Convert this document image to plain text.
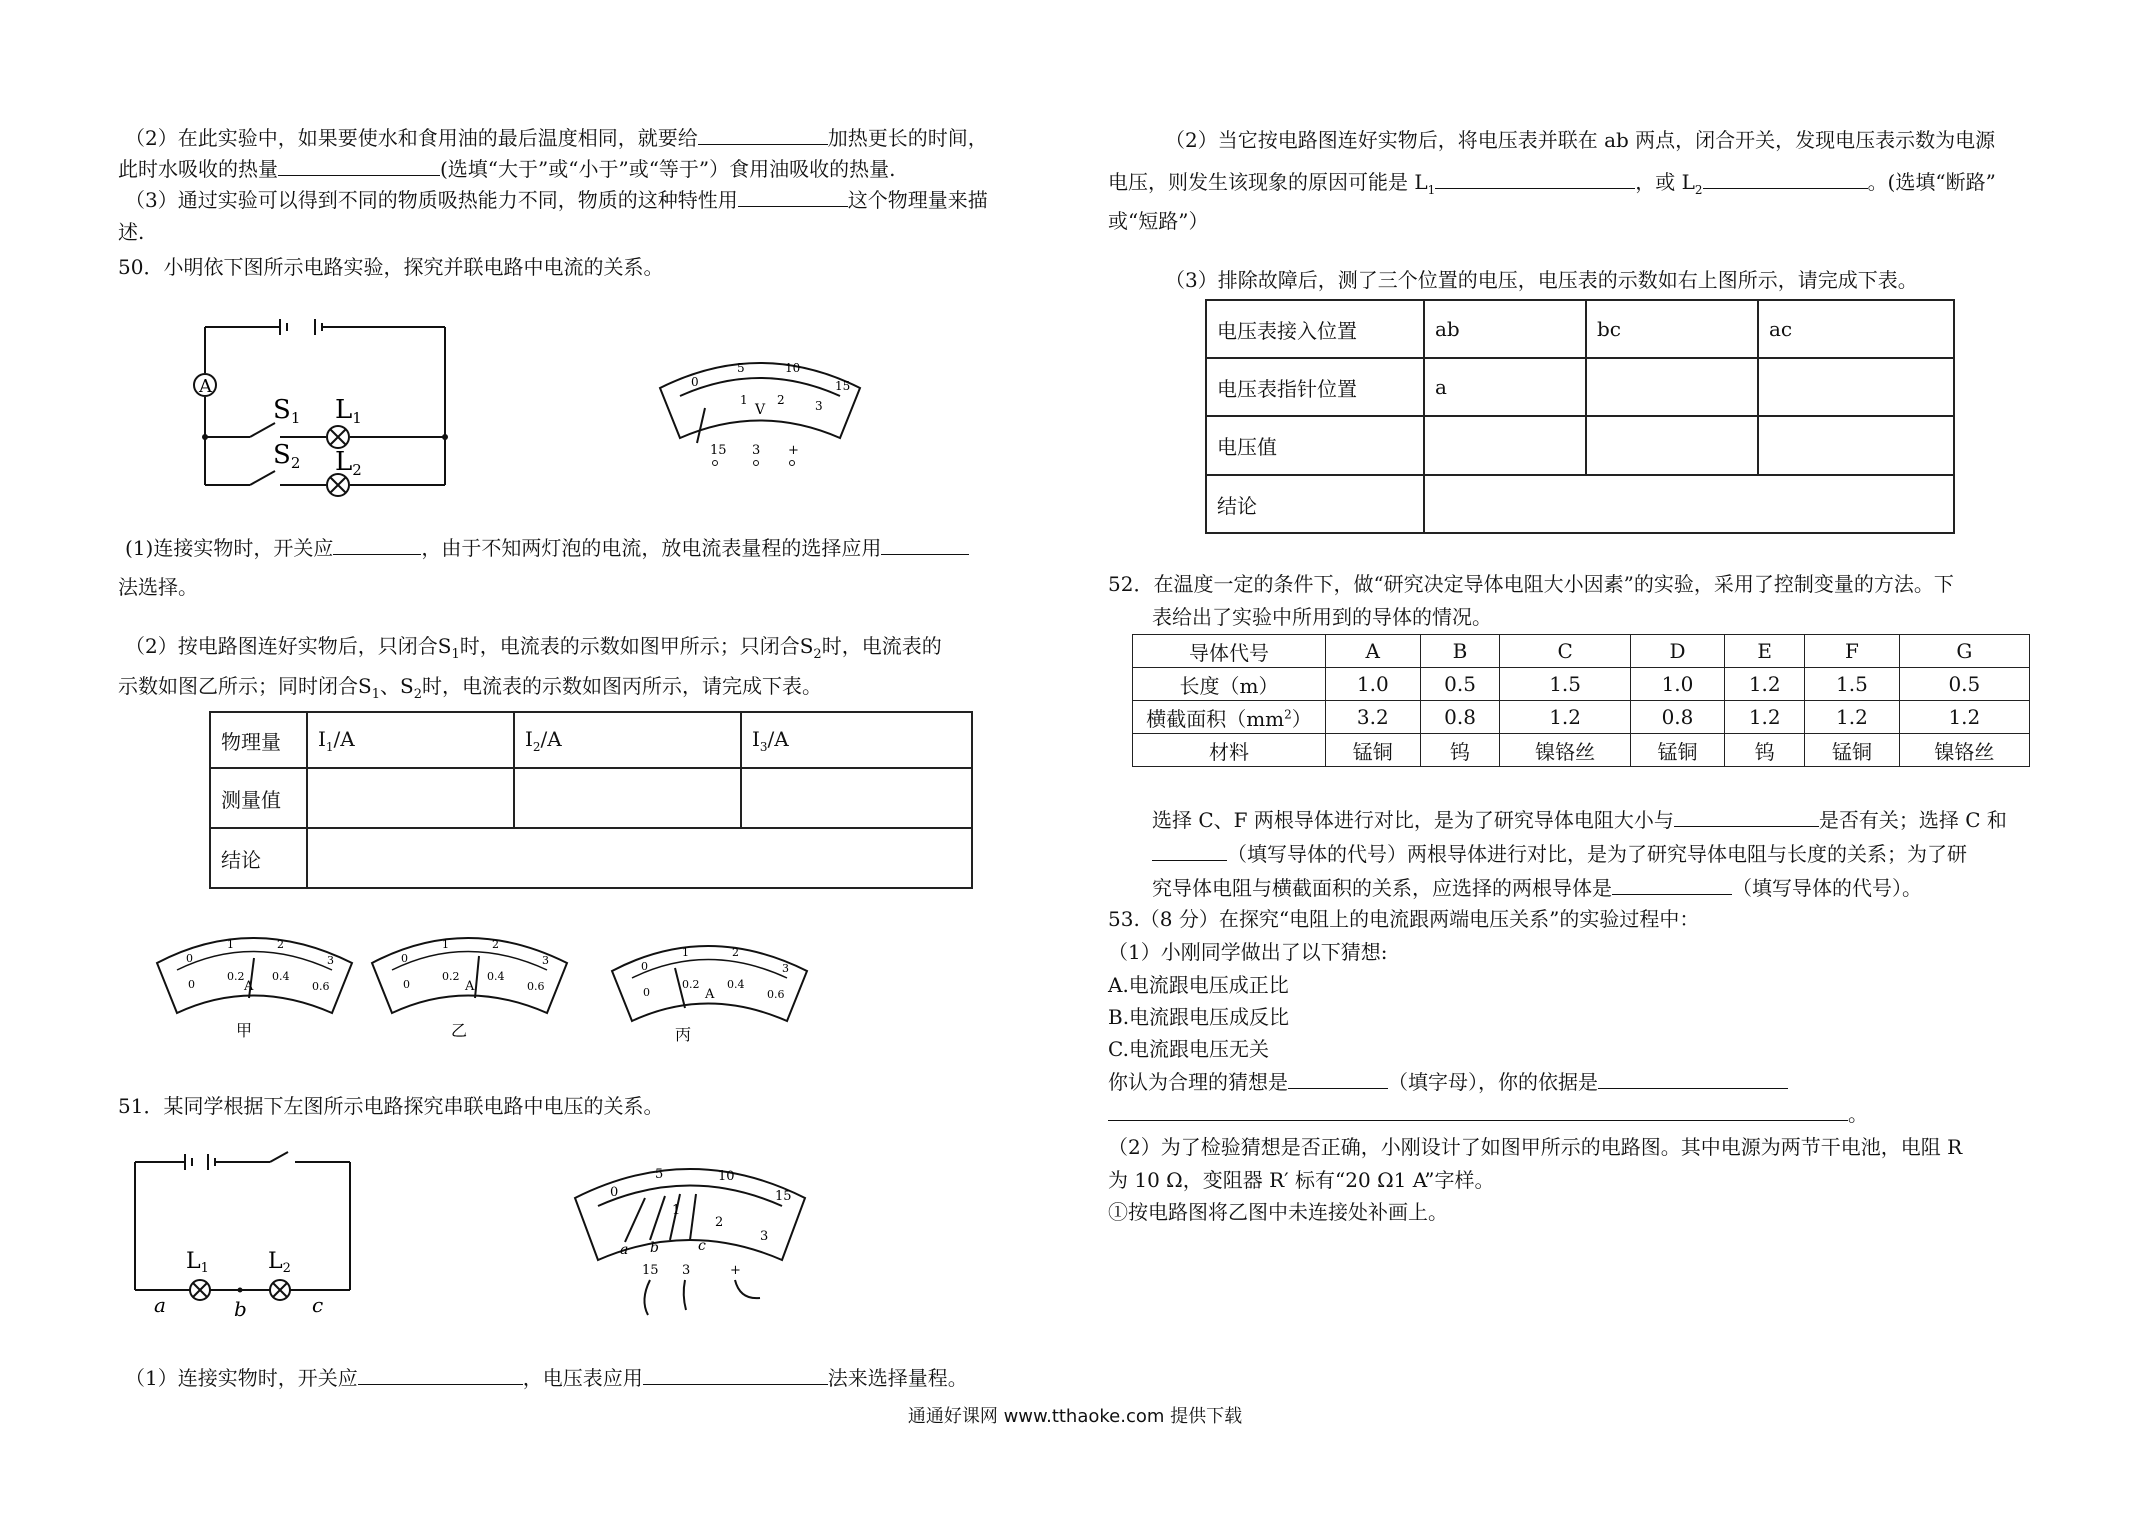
（2）在此实验中，如果要使水和食用油的最后温度相同，就要给	加热更长的时间，
此时水吸收的热量	(选填“大于”或“小于”或“等于”）食用油吸收的热量.
（3）通过实验可以得到不同的物质吸热能力不同，物质的这种特性用	这个物理量来描
述.
50．小明依下图所示电路实验，探究并联电路中电流的关系。
A
S1 L1
S2 L2
0
5	10
15
1 2	3
V
15 3 +
(1)连接实物时，开关应	，由于不知两灯泡的电流，放电流表量程的选择应用
法选择。
（2）按电路图连好实物后，只闭合$S_1$时，电流表的示数如图甲所示；只闭合$S_2$时，电流表的
示数如图乙所示；同时闭合$S_1$、$S_2$时，电流表的示数如图丙所示，请完成下表。
物理量	$I_1/A$	$I_2/A$	$I_3/A$
测量值			
结论			
0
1	2
3
0
0.2	0.4
0.6
A
甲
0
1	2
3
0
0.2	0.4
0.6
A
乙
0
1	2
3
0
0.2	0.4
0.6
A
丙
51．某同学根据下左图所示电路探究串联电路中电压的关系。
L1	L2
a	b	c
0
5	10
15
1
2
3
a b	c
15 3	+
（1）连接实物时，开关应	，电压表应用	法来选择量程。
（2）当它按电路图连好实物后，将电压表并联在 ab 两点，闭合开关，发现电压表示数为电源
电压，则发生该现象的原因可能是 $L_1$	，或 $L_2$	。(选填“断路”
或“短路”）
（3）排除故障后，测了三个位置的电压，电压表的示数如右上图所示，请完成下表。
电压表接入位置	ab	bc	ac
电压表指针位置	a		
电压值			
结论			
52．在温度一定的条件下，做“研究决定导体电阻大小因素”的实验，采用了控制变量的方法。下
表给出了实验中所用到的导体的情况。
导体代号	A	B	C	D	E	F	G
长度（m）	1.0	0.5	1.5	1.0	1.2	1.5	0.5
横截面积$(mm^2)$	3.2	0.8	1.2	0.8	1.2	1.2	1.2
材料	锰铜	钨	镍铬丝	锰铜	钨	锰铜	镍铬丝
选择 C、F 两根导体进行对比，是为了研究导体电阻大小与	是否有关；选择 C 和
（填写导体的代号）两根导体进行对比，是为了研究导体电阻与长度的关系；为了研
究导体电阻与横截面积的关系，应选择的两根导体是	（填写导体的代号）。
53.（8 分）在探究“电阻上的电流跟两端电压关系”的实验过程中：
（1）小刚同学做出了以下猜想:
A.电流跟电压成正比
B.电流跟电压成反比
C.电流跟电压无关
你认为合理的猜想是	（填字母），你的依据是
。
（2）为了检验猜想是否正确，小刚设计了如图甲所示的电路图。其中电源为两节干电池，电阻 R
为 10 Ω，变阻器 R′ 标有“20 Ω1 A”字样。
①按电路图将乙图中未连接处补画上。
通通好课网 www.tthaoke.com 提供下载
